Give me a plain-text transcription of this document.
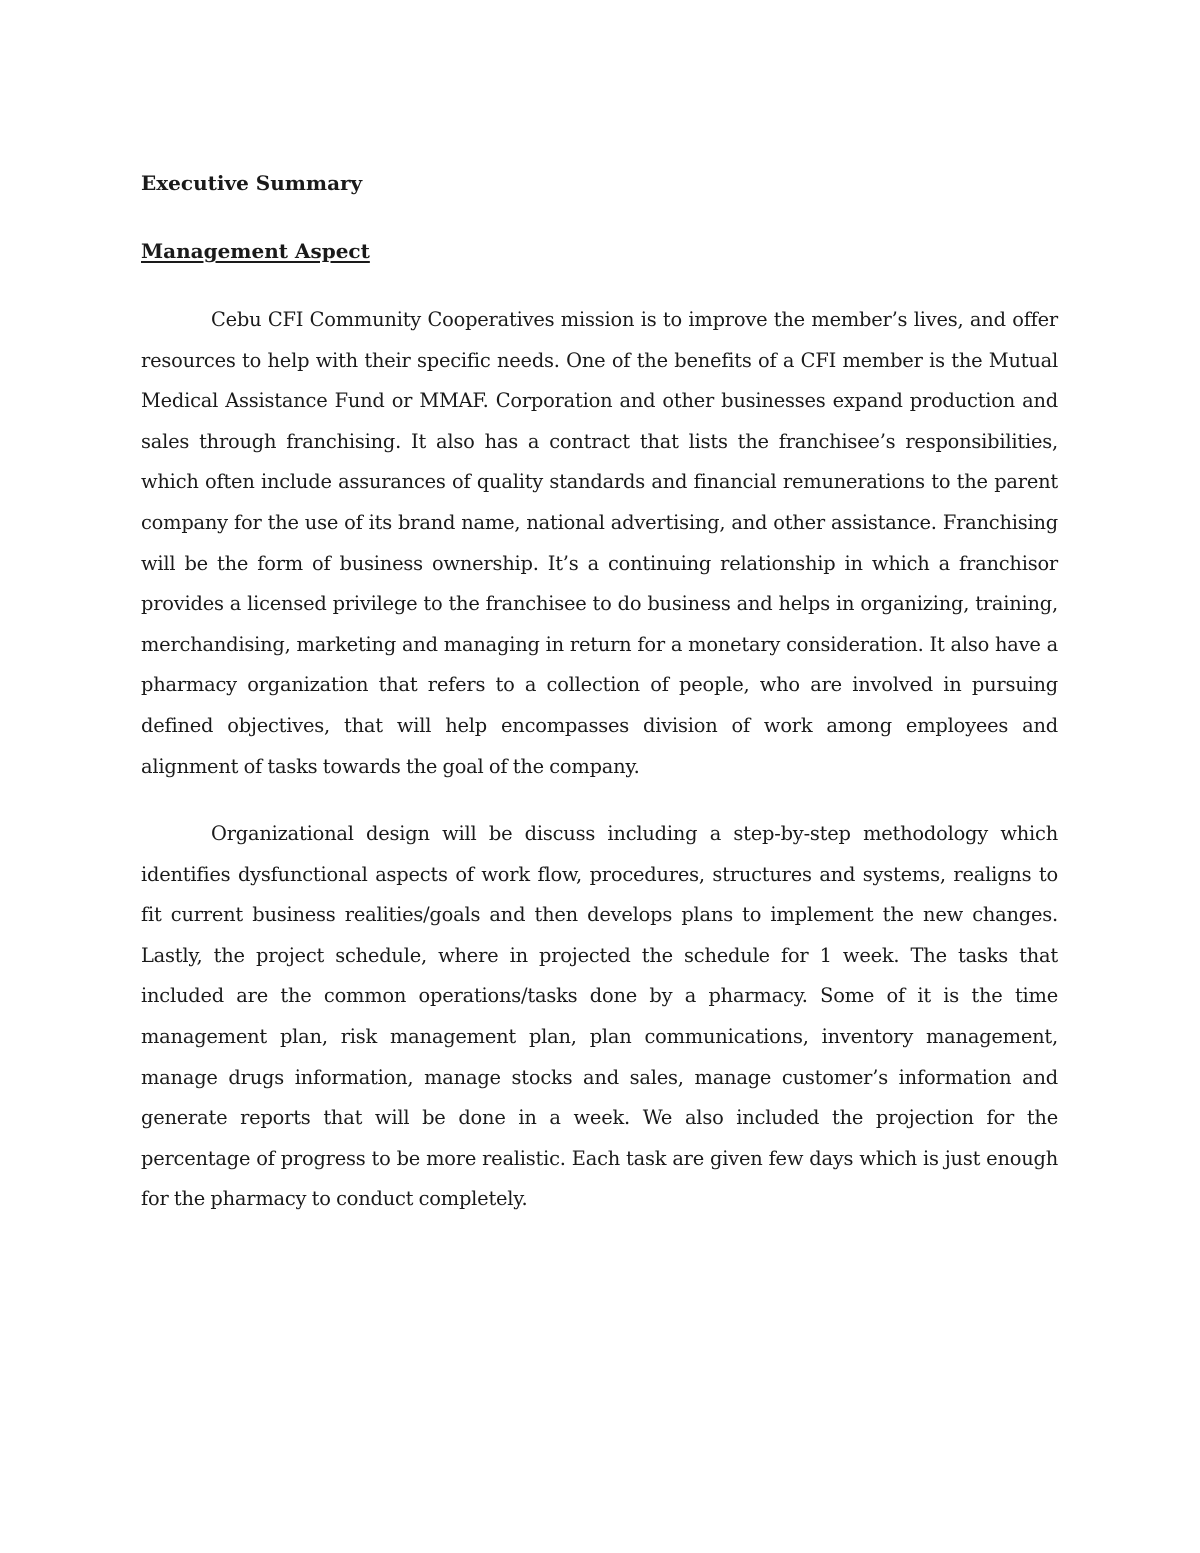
Executive Summary
Management Aspect

Cebu CFI Community Cooperatives mission is to improve the member’s lives, and offer resources to help with their specific needs. One of the benefits of a CFI member is the Mutual Medical Assistance Fund or MMAF. Corporation and other businesses expand production and sales through franchising. It also has a contract that lists the franchisee’s responsibilities, which often include assurances of quality standards and financial remunerations to the parent company for the use of its brand name, national advertising, and other assistance. Franchising will be the form of business ownership. It’s a continuing relationship in which a franchisor provides a licensed privilege to the franchisee to do business and helps in organizing, training, merchandising, marketing and managing in return for a monetary consideration. It also have a pharmacy organization that refers to a collection of people, who are involved in pursuing defined objectives, that will help encompasses division of work among employees and alignment of tasks towards the goal of the company.

Organizational design will be discuss including a step-by-step methodology which identifies dysfunctional aspects of work flow, procedures, structures and systems, realigns to fit current business realities/goals and then develops plans to implement the new changes. Lastly, the project schedule, where in projected the schedule for 1 week. The tasks that included are the common operations/tasks done by a pharmacy. Some of it is the time management plan, risk management plan, plan communications, inventory management, manage drugs information, manage stocks and sales, manage customer’s information and generate reports that will be done in a week. We also included the projection for the percentage of progress to be more realistic. Each task are given few days which is just enough for the pharmacy to conduct completely.
